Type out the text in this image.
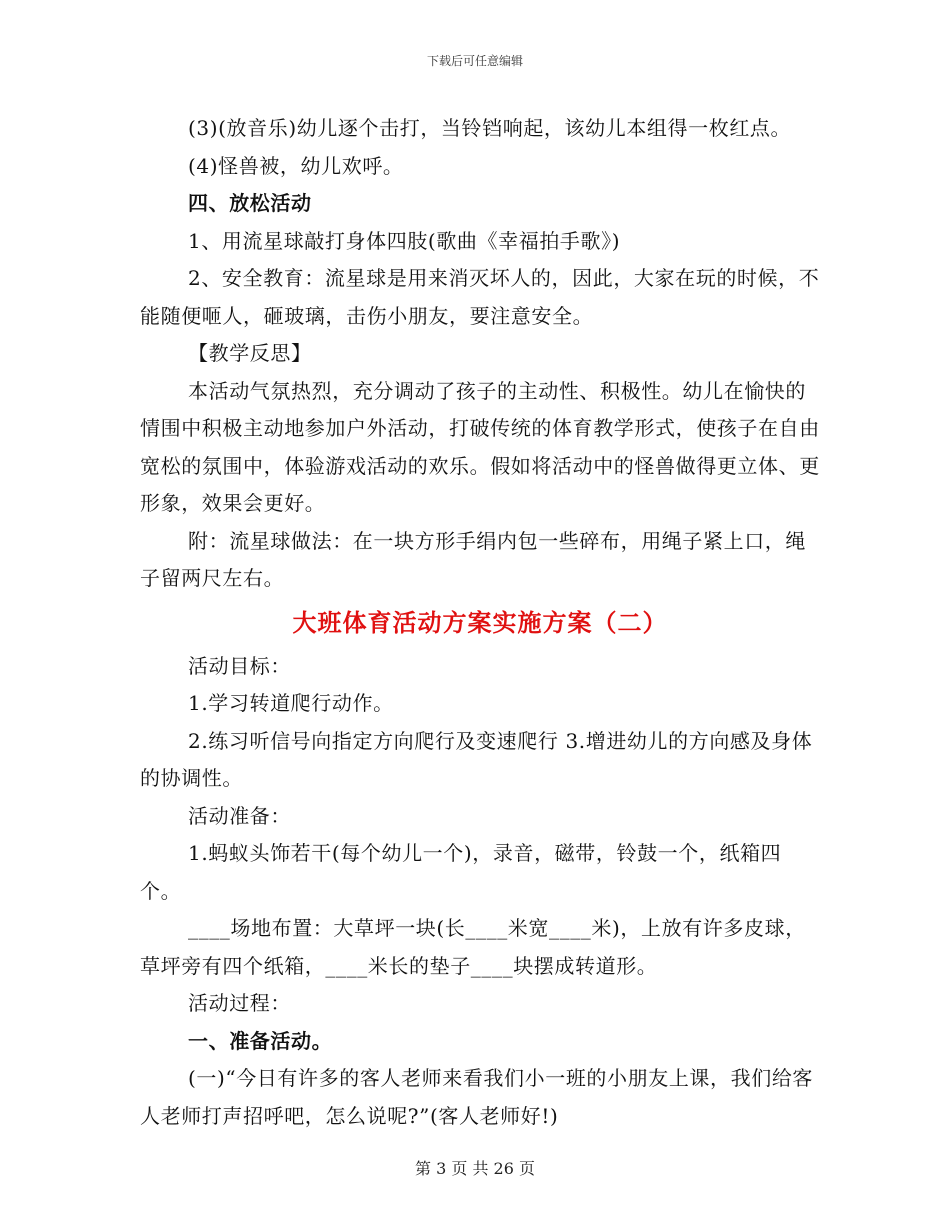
下载后可任意编辑

(3)(放音乐)幼儿逐个击打，当铃铛响起，该幼儿本组得一枚红点。

(4)怪兽被，幼儿欢呼。

四、放松活动

1、用流星球敲打身体四肢(歌曲《幸福拍手歌》)

2、安全教育：流星球是用来消灭坏人的，因此，大家在玩的时候，不能随便咂人，砸玻璃，击伤小朋友，要注意安全。

【教学反思】

本活动气氛热烈，充分调动了孩子的主动性、积极性。幼儿在愉快的情围中积极主动地参加户外活动，打破传统的体育教学形式，使孩子在自由宽松的氛围中，体验游戏活动的欢乐。假如将活动中的怪兽做得更立体、更形象，效果会更好。

附：流星球做法：在一块方形手绢内包一些碎布，用绳子紧上口，绳子留两尺左右。

大班体育活动方案实施方案（二）

活动目标：

1.学习转道爬行动作。

2.练习听信号向指定方向爬行及变速爬行 3.增进幼儿的方向感及身体的协调性。

活动准备：

1.蚂蚁头饰若干(每个幼儿一个)，录音，磁带，铃鼓一个，纸箱四个。

____场地布置：大草坪一块(长____米宽____米)，上放有许多皮球，草坪旁有四个纸箱，____米长的垫子____块摆成转道形。

活动过程：

一、准备活动。

(一)“今日有许多的客人老师来看我们小一班的小朋友上课，我们给客人老师打声招呼吧，怎么说呢?”(客人老师好!)

第 3 页 共 26 页
